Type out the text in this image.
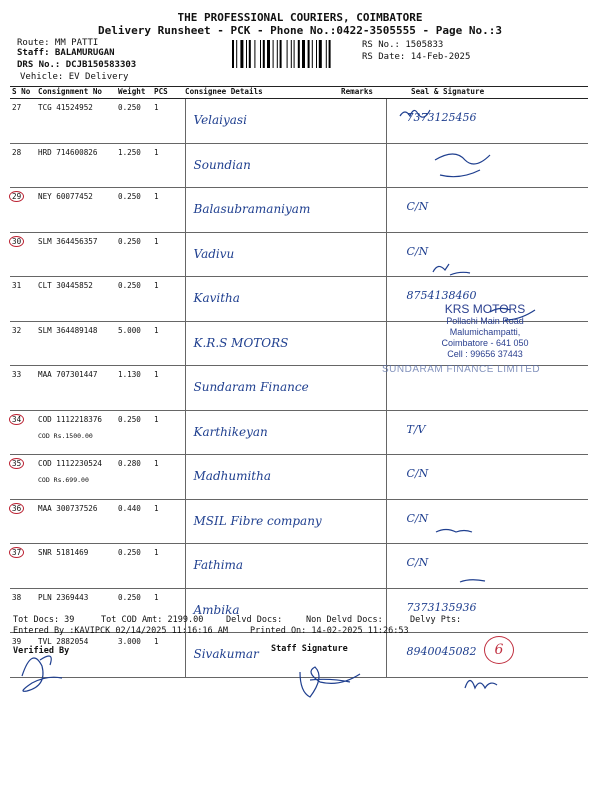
THE PROFESSIONAL COURIERS, COIMBATORE
Delivery Runsheet - PCK - Phone No.:0422-3505555 - Page No.:3
Route: MM PATTI
Staff: BALAMURUGAN
DRS No.: DCJB150583303
Vehicle: EV Delivery
RS No.: 1505833
RS Date: 14-Feb-2025
S No	Consignment No	Weight	PCS	Consignee Details	Remarks	Seal & Signature
27	TCG 41524952	0.250	1	Velaiyasi		7373125456

28	HRD 714600826	1.250	1	Soundian		

29	NEY 60077452	0.250	1	Balasubramaniyam		C/N

30	SLM 364456357	0.250	1	Vadivu		C/N

31	CLT 30445852	0.250	1	Kavitha		8754138460

32	SLM 364489148	5.000	1	K.R.S MOTORS		

33	MAA 707301447	1.130	1	Sundaram Finance		

34	COD 1112218376
COD Rs.1500.00	0.250	1	Karthikeyan		T/V

35	COD 1112230524
COD Rs.699.00	0.280	1	Madhumitha		C/N

36	MAA 300737526	0.440	1	MSIL Fibre company		C/N

37	SNR 5181469	0.250	1	Fathima		C/N

38	PLN 2369443	0.250	1	Ambika		7373135936

39	TVL 2882054	3.000	1	Sivakumar		8940045082
KRS MOTORS
Pollachi Main Road
Malumichampatti,
Coimbatore - 641 050
Cell : 99656 37443
SUNDARAM FINANCE LIMITED
Tot Docs: 39	Tot COD Amt: 2199.00	Delvd Docs:	Non Delvd Docs:	Delvy Pts:
Entered By :KAVIPCK 02/14/2025 11:16:16 AM	Printed On: 14-02-2025 11:26:53
Verified By	Staff Signature	6
